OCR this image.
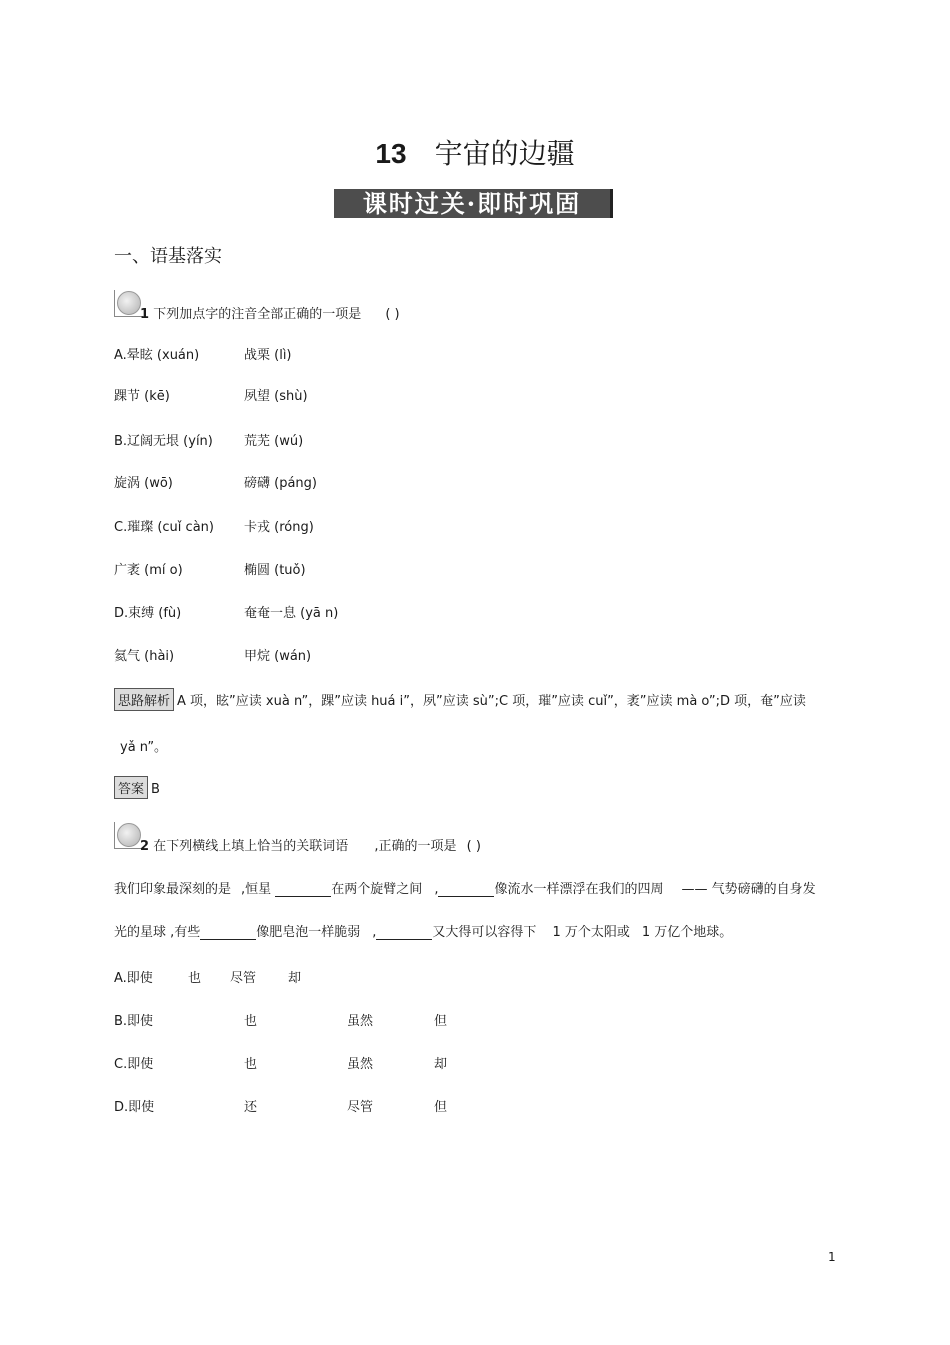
13 宇宙的边疆
课时过关·即时巩固
一、语基落实
1 下列加点字的注音全部正确的一项是 ( )
A.晕眩 (xuán)	战栗 (lì)
踝节 (kē)	夙望 (shù)
B.辽阔无垠 (yín) 荒芜 (wú)
旋涡 (wō)	磅礴 (páng)
C.璀璨 (cuǐ càn) 卡戎 (róng)
广袤 (mí o)	椭圆 (tuǒ)
D.束缚 (fù)	奄奄一息 (yā n)
氦气 (hài)	甲烷 (wán)
思路解析 A 项，眩”应读 xuà n”，踝”应读 huá i”，夙”应读 sù”;C 项，璀”应读 cuǐ”，袤”应读 mà o”;D 项，奄”应读
yǎ n”。
答案 B
2 在下列横线上填上恰当的关联词语 ,正确的一项是 ( )
我们印象最深刻的是 ,恒星	在两个旋臂之间 ,	像流水一样漂浮在我们的四周 —— 气势磅礴的自身发
光的星球 ,有些	像肥皂泡一样脆弱 ,	又大得可以容得下 1 万个太阳或 1 万亿个地球。
A.即使	也 尽管 却
B.即使	也	虽然	但
C.即使	也	虽然	却
D.即使	还	尽管	但
1
